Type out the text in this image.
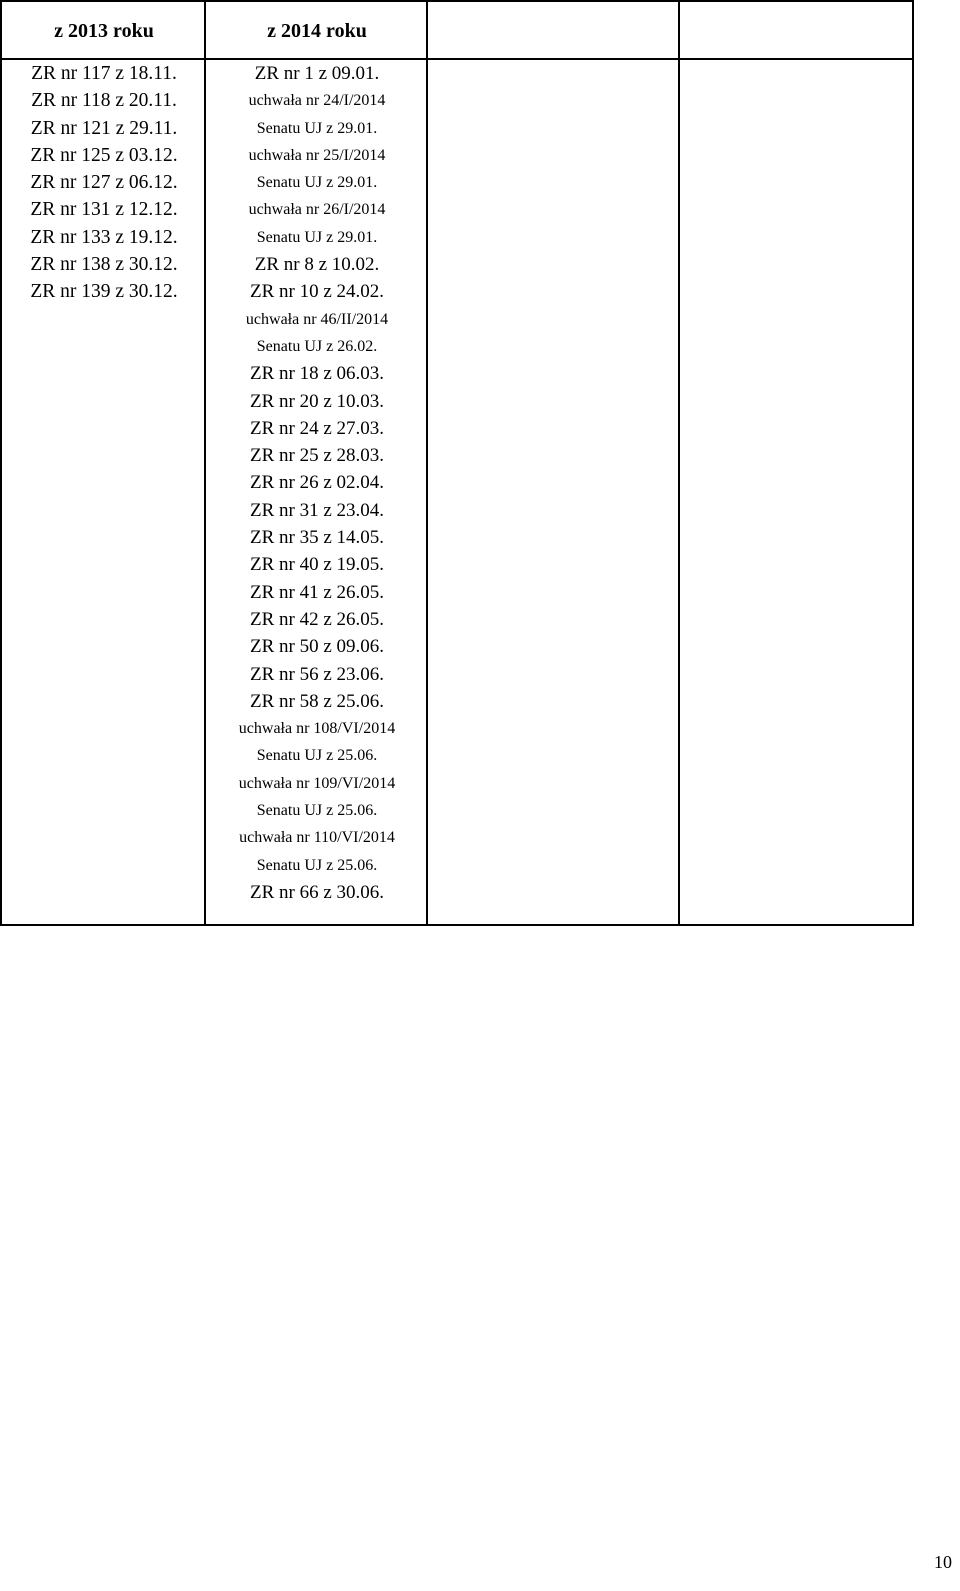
z 2013 roku	z 2014 roku
ZR nr 117 z 18.11.
ZR nr 118 z 20.11.
ZR nr 121 z 29.11.
ZR nr 125 z 03.12.
ZR nr 127 z 06.12.
ZR nr 131 z 12.12.
ZR nr 133 z 19.12.
ZR nr 138 z 30.12.
ZR nr 139 z 30.12.
ZR nr 1 z 09.01.
uchwała nr 24/I/2014
Senatu UJ z 29.01.
uchwała nr 25/I/2014
Senatu UJ z 29.01.
uchwała nr 26/I/2014
Senatu UJ z 29.01.
ZR nr 8 z 10.02.
ZR nr 10 z 24.02.
uchwała nr 46/II/2014
Senatu UJ z 26.02.
ZR nr 18 z 06.03.
ZR nr 20 z 10.03.
ZR nr 24 z 27.03.
ZR nr 25 z 28.03.
ZR nr 26 z 02.04.
ZR nr 31 z 23.04.
ZR nr 35 z 14.05.
ZR nr 40 z 19.05.
ZR nr 41 z 26.05.
ZR nr 42 z 26.05.
ZR nr 50 z 09.06.
ZR nr 56 z 23.06.
ZR nr 58 z 25.06.
uchwała nr 108/VI/2014
Senatu UJ z 25.06.
uchwała nr 109/VI/2014
Senatu UJ z 25.06.
uchwała nr 110/VI/2014
Senatu UJ z 25.06.
ZR nr 66 z 30.06.
10
